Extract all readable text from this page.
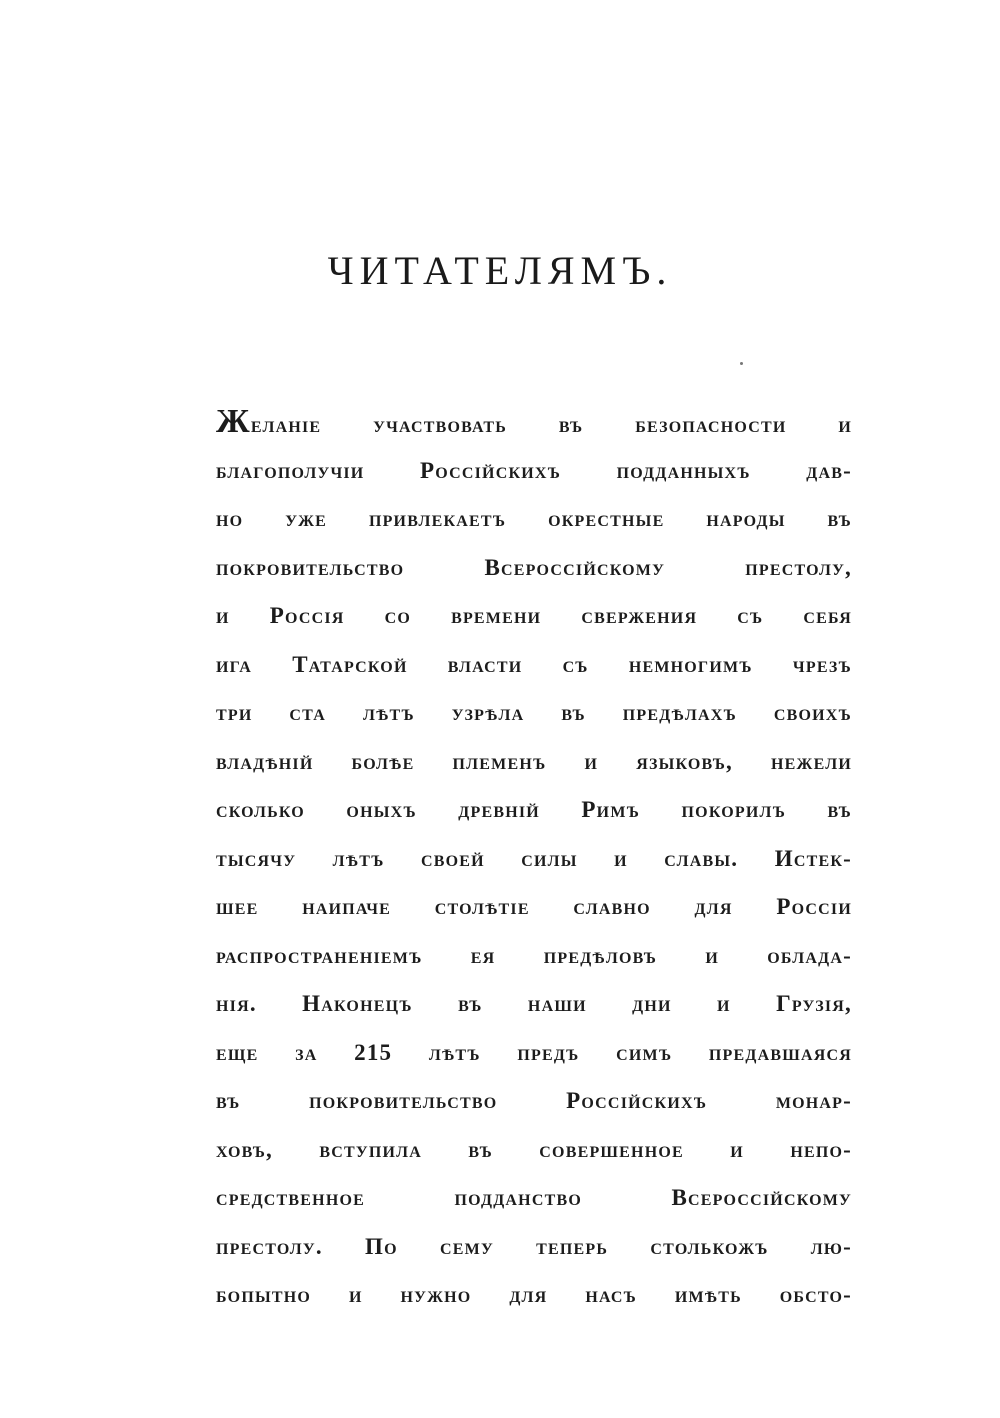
ЧИТАТЕЛЯМЪ.
Желаніе участвовать въ безопасности и
благополучіи Россійскихъ подданныхъ дав-
но уже привлекаетъ окрестные народы въ
покровительство Всероссійскому престолу,
и Россія со времени свержения съ себя
ига Татарской власти съ немногимъ чрезъ
три ста лѣтъ узрѣла въ предѣлахъ своихъ
владѣній болѣе племенъ и языковъ, нежели
сколько оныхъ древній Римъ покорилъ въ
тысячу лѣтъ своей силы и славы. Истек-
шее наипаче столѣтіе славно для Россіи
распространеніемъ ея предѣловъ и облада-
нія. Наконецъ въ наши дни и Грузія,
еще за 215 лѣтъ предъ симъ предавшаяся
въ покровительство Россійскихъ монар-
ховъ, вступила въ совершенное и непо-
средственное подданство Всероссійскому
престолу. По сему теперь столькожъ лю-
бопытно и нужно для насъ имѣть обсто-
